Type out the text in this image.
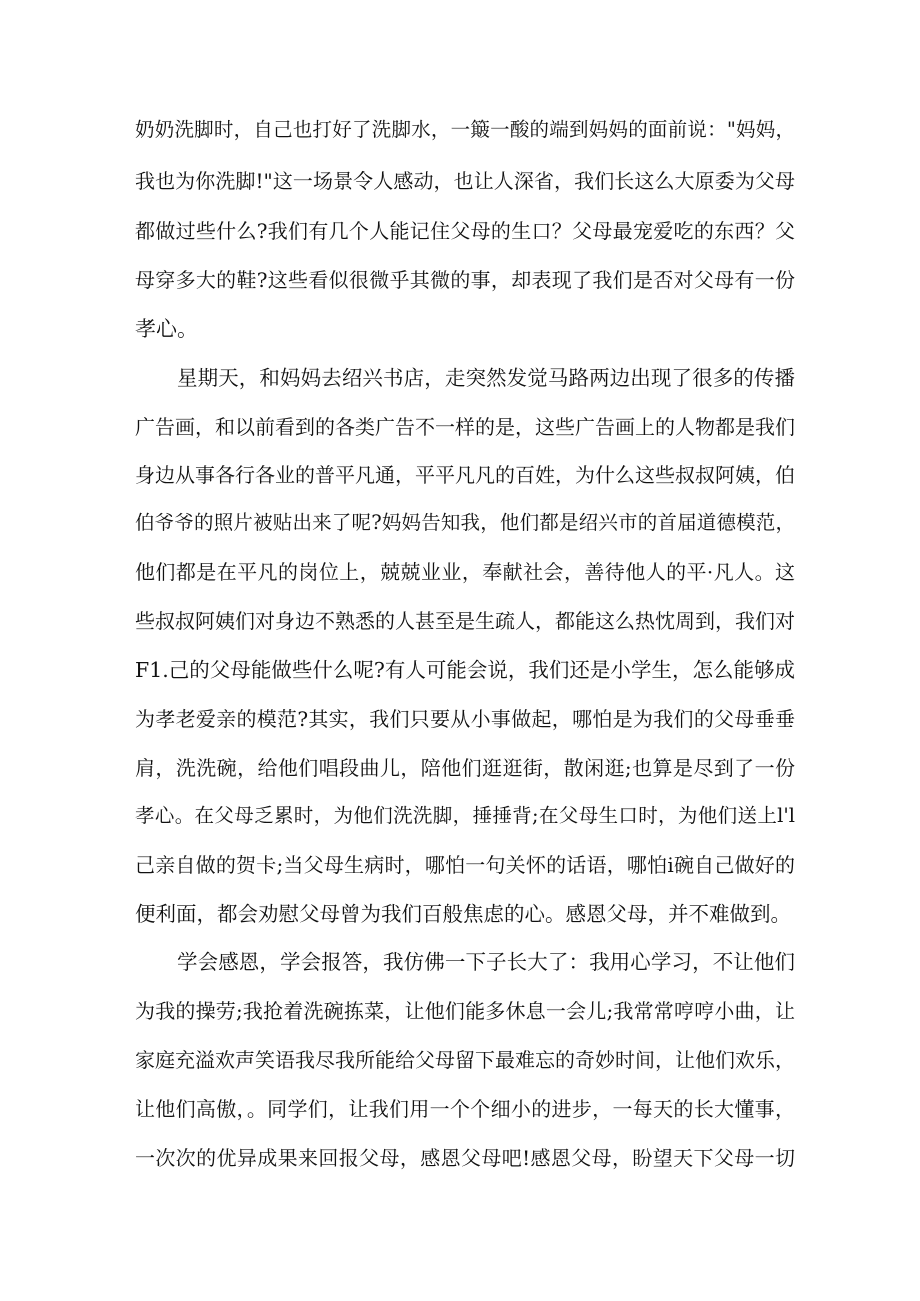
奶奶洗脚时，自己也打好了洗脚水，一簸一酸的端到妈妈的面前说："妈妈，
我也为你洗脚!"这一场景令人感动，也让人深省，我们长这么大原委为父母
都做过些什么?我们有几个人能记住父母的生口？父母最宠爱吃的东西？父
母穿多大的鞋?这些看似很微乎其微的事，却表现了我们是否对父母有一份
孝心。
星期天，和妈妈去绍兴书店，走突然发觉马路两边出现了很多的传播
广告画，和以前看到的各类广告不一样的是，这些广告画上的人物都是我们
身边从事各行各业的普平凡通，平平凡凡的百姓，为什么这些叔叔阿姨，伯
伯爷爷的照片被贴出来了呢?妈妈告知我，他们都是绍兴市的首届道德模范，
他们都是在平凡的岗位上，兢兢业业，奉献社会，善待他人的平·凡人。这
些叔叔阿姨们对身边不熟悉的人甚至是生疏人，都能这么热忱周到，我们对
F1.己的父母能做些什么呢?有人可能会说，我们还是小学生，怎么能够成
为孝老爱亲的模范?其实，我们只要从小事做起，哪怕是为我们的父母垂垂
肩，洗洗碗，给他们唱段曲儿，陪他们逛逛街，散闲逛;也算是尽到了一份
孝心。在父母乏累时，为他们洗洗脚，捶捶背;在父母生口时，为他们送上l'l
己亲自做的贺卡;当父母生病时，哪怕一句关怀的话语，哪怕i碗自己做好的
便利面，都会劝慰父母曾为我们百般焦虑的心。感恩父母，并不难做到。
学会感恩，学会报答，我仿佛一下子长大了：我用心学习，不让他们
为我的操劳;我抢着洗碗拣菜，让他们能多休息一会儿;我常常哼哼小曲，让
家庭充溢欢声笑语我尽我所能给父母留下最难忘的奇妙时间，让他们欢乐，
让他们高傲，。同学们，让我们用一个个细小的进步，一每天的长大懂事，
一次次的优异成果来回报父母，感恩父母吧!感恩父母，盼望天下父母一切
